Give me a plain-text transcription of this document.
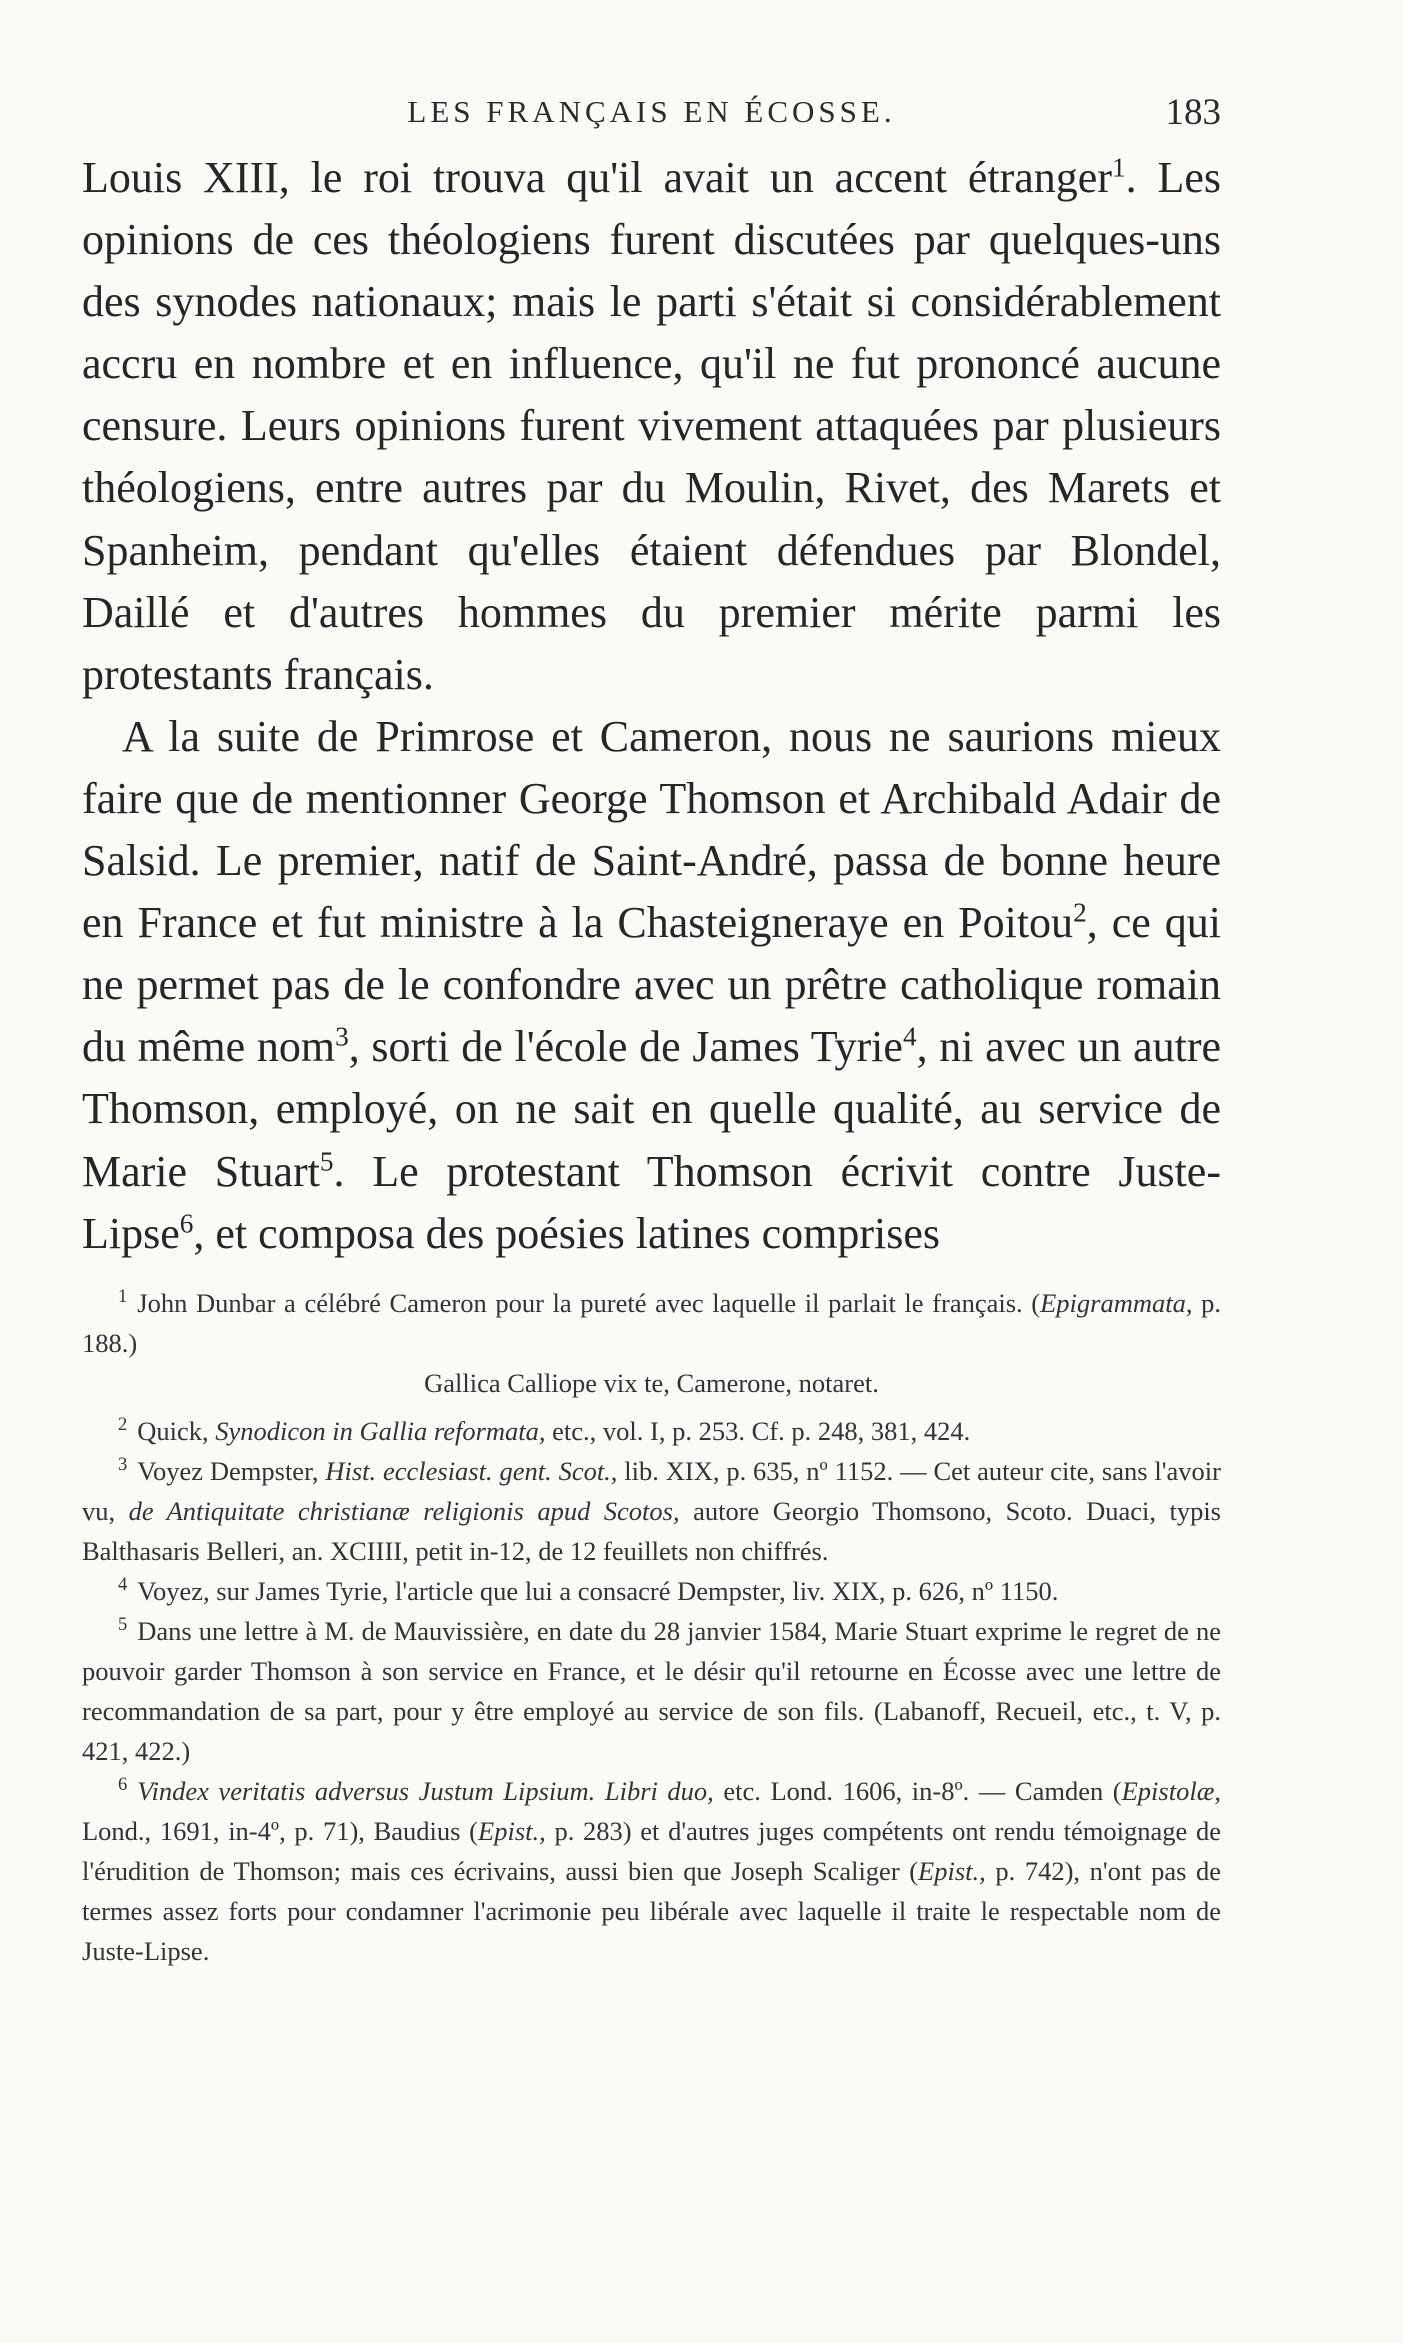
LES FRANÇAIS EN ÉCOSSE.	183

Louis XIII, le roi trouva qu'il avait un accent étranger$^1$. Les opinions de ces théologiens furent discutées par quelques-uns des synodes nationaux; mais le parti s'était si considérablement accru en nombre et en influence, qu'il ne fut prononcé aucune censure. Leurs opinions furent vivement attaquées par plusieurs théologiens, entre autres par du Moulin, Rivet, des Marets et Spanheim, pendant qu'elles étaient défendues par Blondel, Daillé et d'autres hommes du premier mérite parmi les protestants français.

A la suite de Primrose et Cameron, nous ne saurions mieux faire que de mentionner George Thomson et Archibald Adair de Salsid. Le premier, natif de Saint-André, passa de bonne heure en France et fut ministre à la Chasteigneraye en Poitou$^2$, ce qui ne permet pas de le confondre avec un prêtre catholique romain du même nom$^3$, sorti de l'école de James Tyrie$^4$, ni avec un autre Thomson, employé, on ne sait en quelle qualité, au service de Marie Stuart$^5$. Le protestant Thomson écrivit contre Juste-Lipse$^6$, et composa des poésies latines comprises

$^1$ John Dunbar a célébré Cameron pour la pureté avec laquelle il parlait le français. (Epigrammata, p. 188.)

Gallica Calliope vix te, Camerone, notaret.

$^2$ Quick, Synodicon in Gallia reformata, etc., vol. I, p. 253. Cf. p. 248, 381, 424.

$^3$ Voyez Dempster, Hist. ecclesiast. gent. Scot., lib. XIX, p. 635, nº 1152. — Cet auteur cite, sans l'avoir vu, de Antiquitate christianæ religionis apud Scotos, autore Georgio Thomsono, Scoto. Duaci, typis Balthasaris Belleri, an. XCIIII, petit in-12, de 12 feuillets non chiffrés.

$^4$ Voyez, sur James Tyrie, l'article que lui a consacré Dempster, liv. XIX, p. 626, nº 1150.

$^5$ Dans une lettre à M. de Mauvissière, en date du 28 janvier 1584, Marie Stuart exprime le regret de ne pouvoir garder Thomson à son service en France, et le désir qu'il retourne en Écosse avec une lettre de recommandation de sa part, pour y être employé au service de son fils. (Labanoff, Recueil, etc., t. V, p. 421, 422.)

$^6$ Vindex veritatis adversus Justum Lipsium. Libri duo, etc. Lond. 1606, in-8º. — Camden (Epistolæ, Lond., 1691, in-4º, p. 71), Baudius (Epist., p. 283) et d'autres juges compétents ont rendu témoignage de l'érudition de Thomson; mais ces écrivains, aussi bien que Joseph Scaliger (Epist., p. 742), n'ont pas de termes assez forts pour condamner l'acrimonie peu libérale avec laquelle il traite le respectable nom de Juste-Lipse.
